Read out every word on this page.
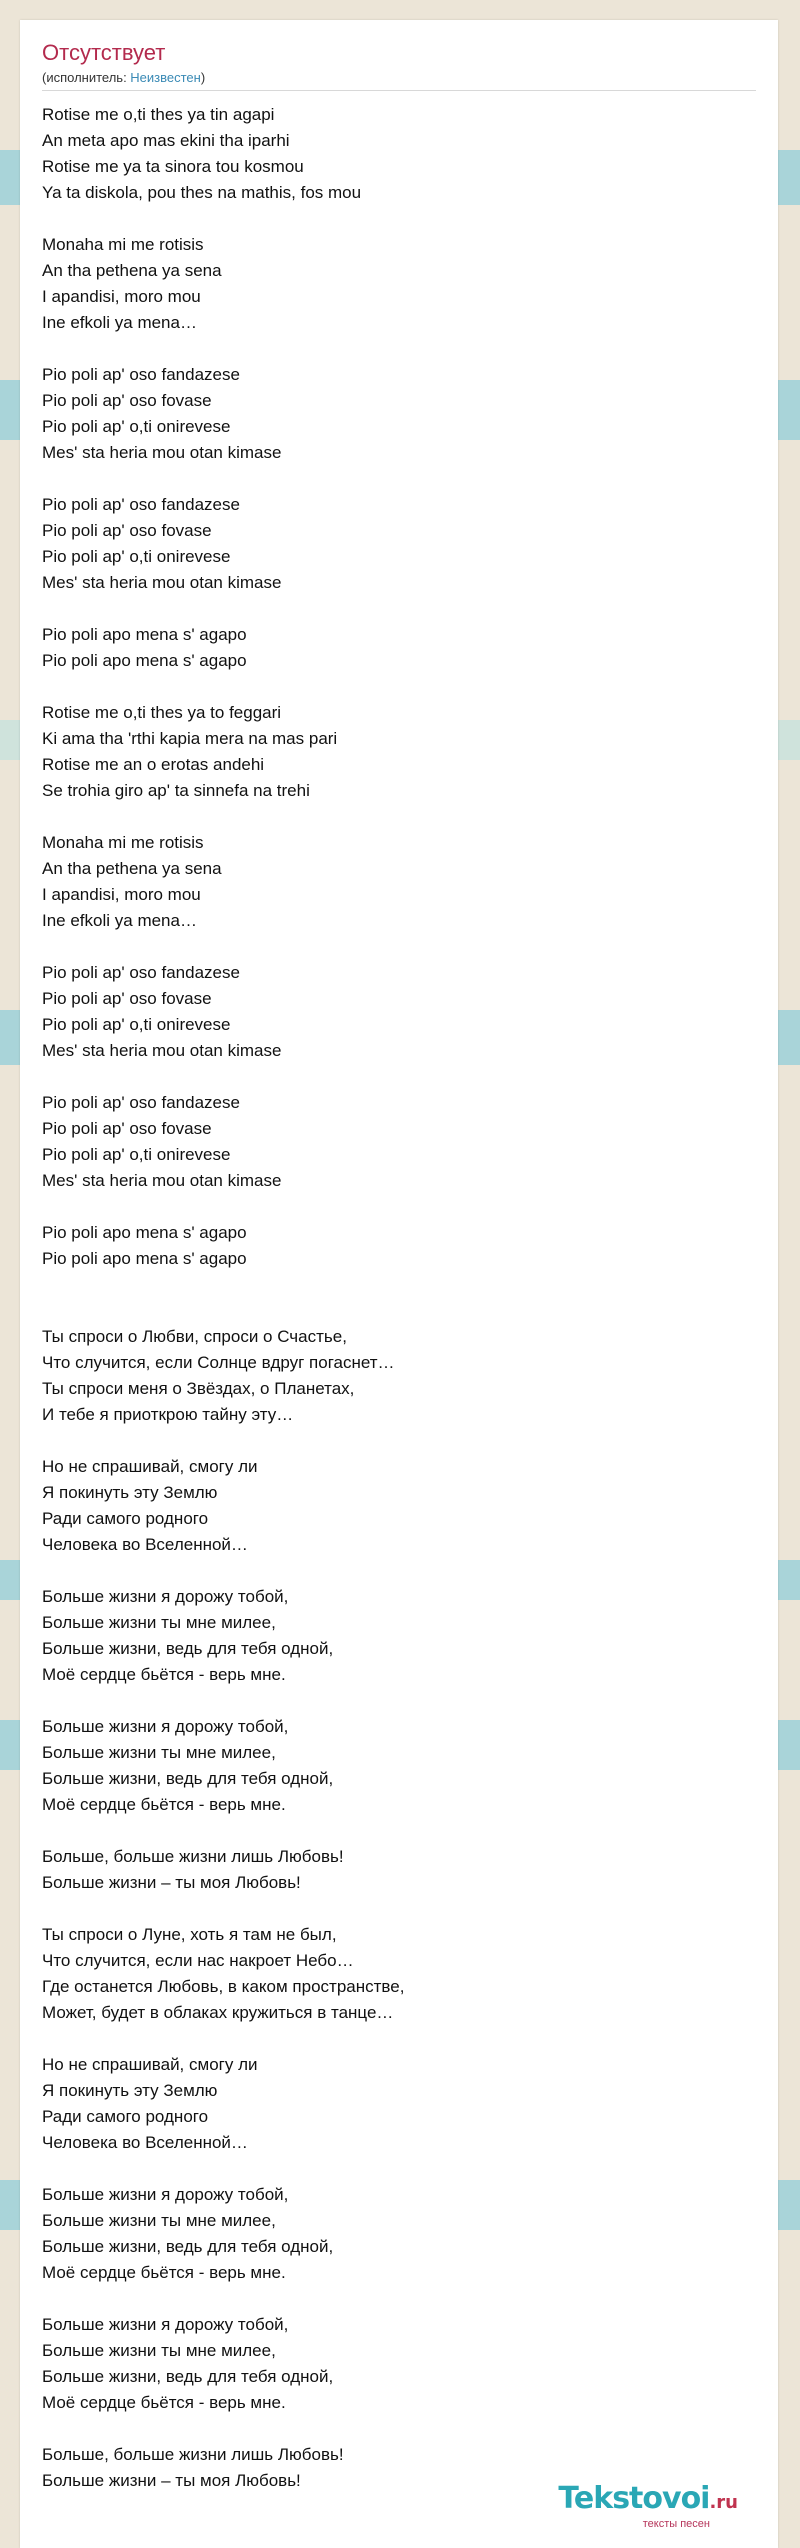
Отсутствует
(исполнитель: Неизвестен)
Rotise me o,ti thes ya tin agapi
An meta apo mas ekini tha iparhi
Rotise me ya ta sinora tou kosmou
Ya ta diskola, pou thes na mathis, fos mou

Monaha mi me rotisis
An tha pethena ya sena
I apandisi, moro mou
Ine efkoli ya mena…

Pio poli ap' oso fandazese
Pio poli ap' oso fovase
Pio poli ap' o,ti onirevese
Mes' sta heria mou otan kimase

Pio poli ap' oso fandazese
Pio poli ap' oso fovase
Pio poli ap' o,ti onirevese
Mes' sta heria mou otan kimase

Pio poli apo mena s' agapo
Pio poli apo mena s' agapo

Rotise me o,ti thes ya to feggari
Ki ama tha 'rthi kapia mera na mas pari
Rotise me an o erotas andehi
Se trohia giro ap' ta sinnefa na trehi

Monaha mi me rotisis
An tha pethena ya sena
I apandisi, moro mou
Ine efkoli ya mena…

Pio poli ap' oso fandazese
Pio poli ap' oso fovase
Pio poli ap' o,ti onirevese
Mes' sta heria mou otan kimase

Pio poli ap' oso fandazese
Pio poli ap' oso fovase
Pio poli ap' o,ti onirevese
Mes' sta heria mou otan kimase

Pio poli apo mena s' agapo
Pio poli apo mena s' agapo

Ты спроси о Любви, спроси о Счастье,
Что случится, если Солнце вдруг погаснет…
Ты спроси меня о Звёздах, о Планетах,
И тебе я приоткрою тайну эту…

Но не спрашивай, смогу ли
Я покинуть эту Землю
Ради самого родного
Человека во Вселенной…

Больше жизни я дорожу тобой,
Больше жизни ты мне милее,
Больше жизни, ведь для тебя одной,
Моё сердце бьётся - верь мне.

Больше жизни я дорожу тобой,
Больше жизни ты мне милее,
Больше жизни, ведь для тебя одной,
Моё сердце бьётся - верь мне.

Больше, больше жизни лишь Любовь!
Больше жизни – ты моя Любовь!

Ты спроси о Луне, хоть я там не был,
Что случится, если нас накроет Небо…
Где останется Любовь, в каком пространстве,
Может, будет в облаках кружиться в танце…

Но не спрашивай, смогу ли
Я покинуть эту Землю
Ради самого родного
Человека во Вселенной…

Больше жизни я дорожу тобой,
Больше жизни ты мне милее,
Больше жизни, ведь для тебя одной,
Моё сердце бьётся - верь мне.

Больше жизни я дорожу тобой,
Больше жизни ты мне милее,
Больше жизни, ведь для тебя одной,
Моё сердце бьётся - верь мне.

Больше, больше жизни лишь Любовь!
Больше жизни – ты моя Любовь!
Tekstovoi.ru
тексты песен
